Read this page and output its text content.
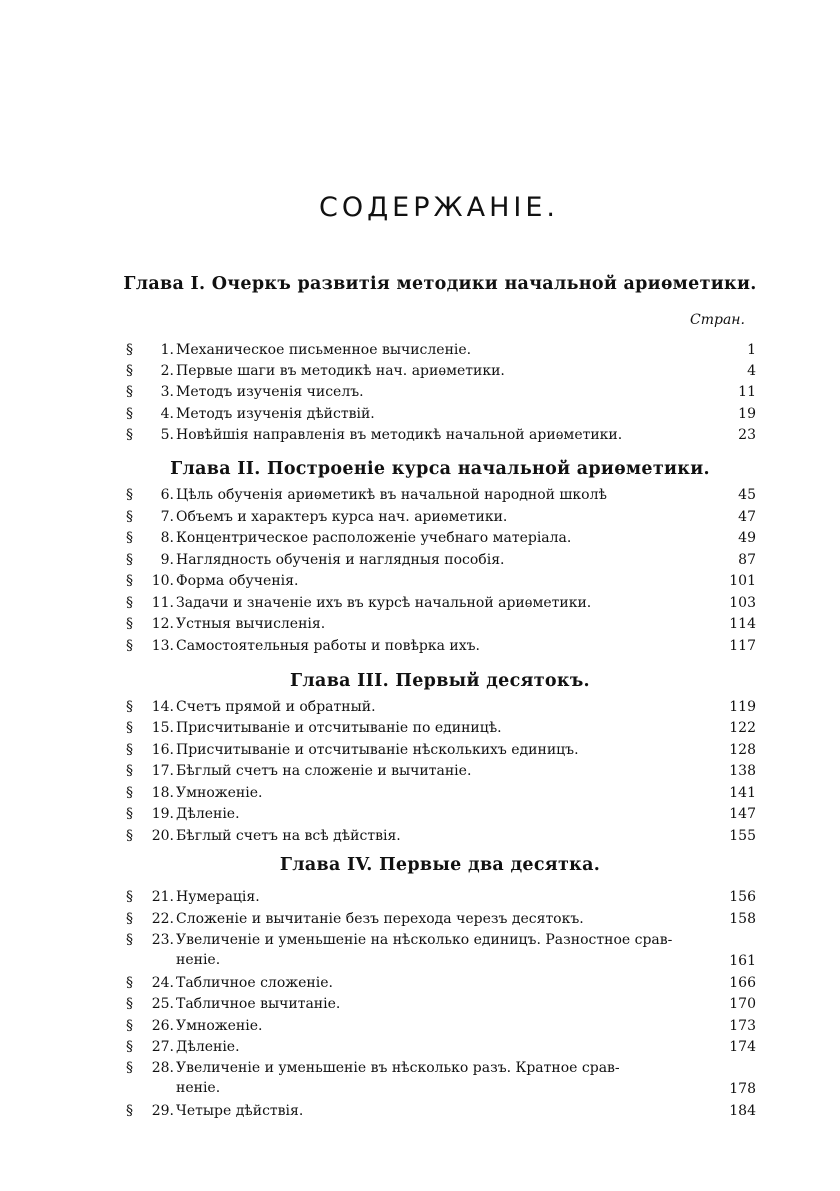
СОДЕРЖАНІЕ.
Стран.
Глава I. Очеркъ развитія методики начальной ариѳметики.
§ 1. Механическое письменное вычисленіе.	1
§ 2. Первые шаги въ методикѣ нач. ариѳметики.	4
§ 3. Методъ изученія чиселъ.	11
§ 4. Методъ изученія дѣйствій.	19
§ 5. Новѣйшія направленія въ методикѣ начальной ариѳметики.	23
Глава II. Построеніе курса начальной ариѳметики.
§ 6. Цѣль обученія ариѳметикѣ въ начальной народной школѣ	45
§ 7. Объемъ и характеръ курса нач. ариѳметики.	47
§ 8. Концентрическое расположеніе учебнаго матеріала.	49
§ 9. Наглядность обученія и наглядныя пособія.	87
§ 10. Форма обученія.	101
§ 11. Задачи и значеніе ихъ въ курсѣ начальной ариѳметики.	103
§ 12. Устныя вычисленія.	114
§ 13. Самостоятельныя работы и повѣрка ихъ.	117
Глава III. Первый десятокъ.
§ 14. Счетъ прямой и обратный.	119
§ 15. Присчитываніе и отсчитываніе по единицѣ.	122
§ 16. Присчитываніе и отсчитываніе нѣсколькихъ единицъ.	128
§ 17. Бѣглый счетъ на сложеніе и вычитаніе.	138
§ 18. Умноженіе.	141
§ 19. Дѣленіе.	147
§ 20. Бѣглый счетъ на всѣ дѣйствія.	155
Глава IV. Первые два десятка.
§ 21. Нумерація.	156
§ 22. Сложеніе и вычитаніе безъ перехода черезъ десятокъ.	158
§ 23. Увеличеніе и уменьшеніе на нѣсколько единицъ. Разностное срав-
неніе.	161
§ 24. Табличное сложеніе.	166
§ 25. Табличное вычитаніе.	170
§ 26. Умноженіе.	173
§ 27. Дѣленіе.	174
§ 28. Увеличеніе и уменьшеніе въ нѣсколько разъ. Кратное срав-
неніе.	178
§ 29. Четыре дѣйствія.	184
